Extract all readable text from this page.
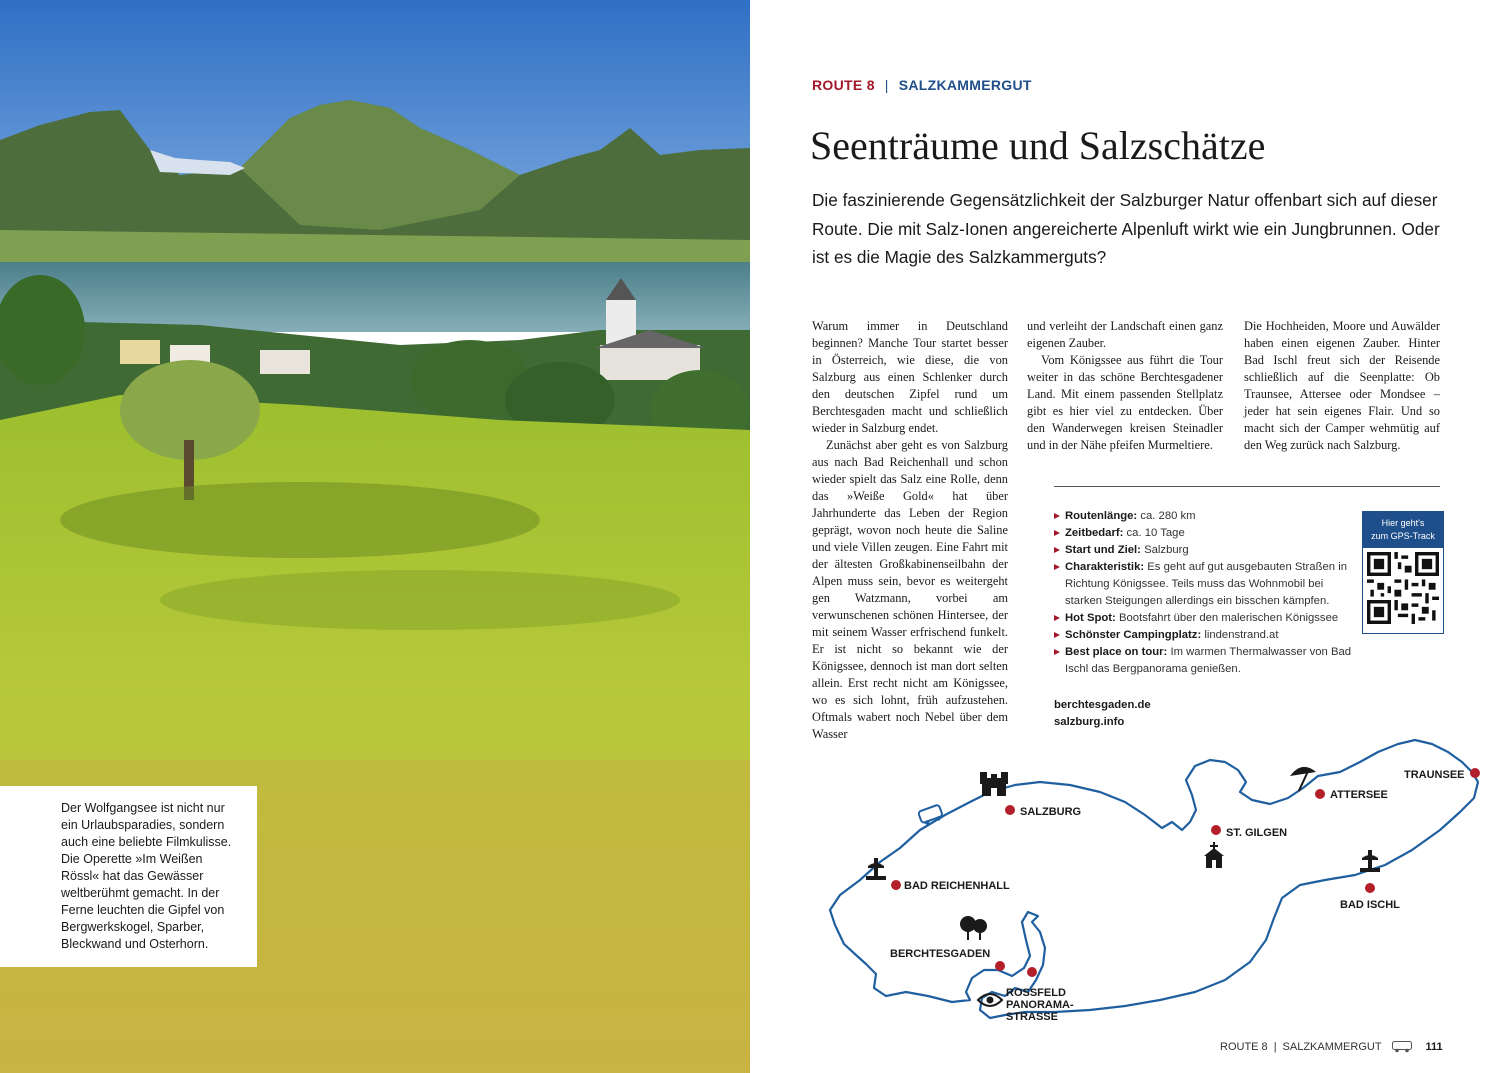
Der Wolfgangsee ist nicht nur ein Urlaubsparadies, sondern auch eine beliebte Filmkulisse. Die Operette »Im Weißen Rössl« hat das Gewässer weltberühmt gemacht. In der Ferne leuchten die Gipfel von Bergwerkskogel, Sparber, Bleckwand und Osterhorn.

ROUTE 8 | SALZKAMMERGUT
Seenträume und Salzschätze

Die faszinierende Gegensätzlichkeit der Salzburger Natur offenbart sich auf dieser Route. Die mit Salz-Ionen angereicherte Alpenluft wirkt wie ein Jungbrunnen. Oder ist es die Magie des Salzkammerguts?

Warum immer in Deutschland beginnen? Manche Tour startet besser in Österreich, wie diese, die von Salzburg aus einen Schlenker durch den deutschen Zipfel rund um Berchtesgaden macht und schließlich wieder in Salzburg endet.

Zunächst aber geht es von Salzburg aus nach Bad Reichenhall und schon wieder spielt das Salz eine Rolle, denn das »Weiße Gold« hat über Jahrhunderte das Leben der Region geprägt, wovon noch heute die Saline und viele Villen zeugen. Eine Fahrt mit der ältesten Großkabinenseilbahn der Alpen muss sein, bevor es weitergeht gen Watzmann, vorbei am verwunschenen schönen Hintersee, der mit seinem Wasser erfrischend funkelt. Er ist nicht so bekannt wie der Königssee, dennoch ist man dort selten allein. Erst recht nicht am Königssee, wo es sich lohnt, früh aufzustehen. Oftmals wabert noch Nebel über dem Wasser

und verleiht der Landschaft einen ganz eigenen Zauber.

Vom Königssee aus führt die Tour weiter in das schöne Berchtesgadener Land. Mit einem passenden Stellplatz gibt es hier viel zu entdecken. Über den Wanderwegen kreisen Steinadler und in der Nähe pfeifen Murmeltiere.

Die Hochheiden, Moore und Auwälder haben einen eigenen Zauber. Hinter Bad Ischl freut sich der Reisende schließlich auf die Seenplatte: Ob Traunsee, Attersee oder Mondsee – jeder hat sein eigenes Flair. Und so macht sich der Camper wehmütig auf den Weg zurück nach Salzburg.

Routenlänge: ca. 280 km
Zeitbedarf: ca. 10 Tage
Start und Ziel: Salzburg
Charakteristik: Es geht auf gut ausgebauten Straßen in Richtung Königssee. Teils muss das Wohnmobil bei starken Steigungen allerdings ein bisschen kämpfen.
Hot Spot: Bootsfahrt über den malerischen Königssee
Schönster Campingplatz: lindenstrand.at
Best place on tour: Im warmen Thermalwasser von Bad Ischl das Bergpanorama genießen.
berchtesgaden.de
salzburg.info
Hier geht's
zum GPS-Track
SALZBURG
ST. GILGEN
ATTERSEE
TRAUNSEE
BAD REICHENHALL
BAD ISCHL
BERCHTESGADEN
ROSSFELD
PANORAMA-
STRASSE
ROUTE 8 | SALZKAMMERGUT	111
